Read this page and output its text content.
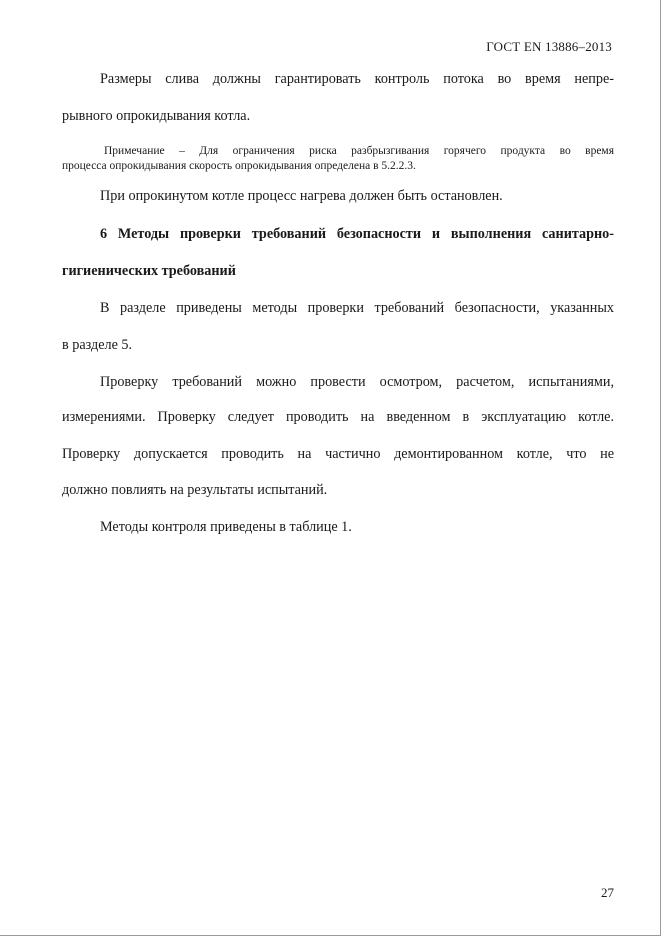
ГОСТ EN 13886–2013
Размеры слива должны гарантировать контроль потока во время непре-
рывного опрокидывания котла.
Примечание – Для ограничения риска разбрызгивания горячего продукта во время
процесса опрокидывания скорость опрокидывания определена в 5.2.2.3.
При опрокинутом котле процесс нагрева должен быть остановлен.
6 Методы проверки требований безопасности и выполнения санитарно-
гигиенических требований
В разделе приведены методы проверки требований безопасности, указанных
в разделе 5.
Проверку требований можно провести осмотром, расчетом, испытаниями,
измерениями. Проверку следует проводить на введенном в эксплуатацию котле.
Проверку допускается проводить на частично демонтированном котле, что не
должно повлиять на результаты испытаний.
Методы контроля приведены в таблице 1.
27
